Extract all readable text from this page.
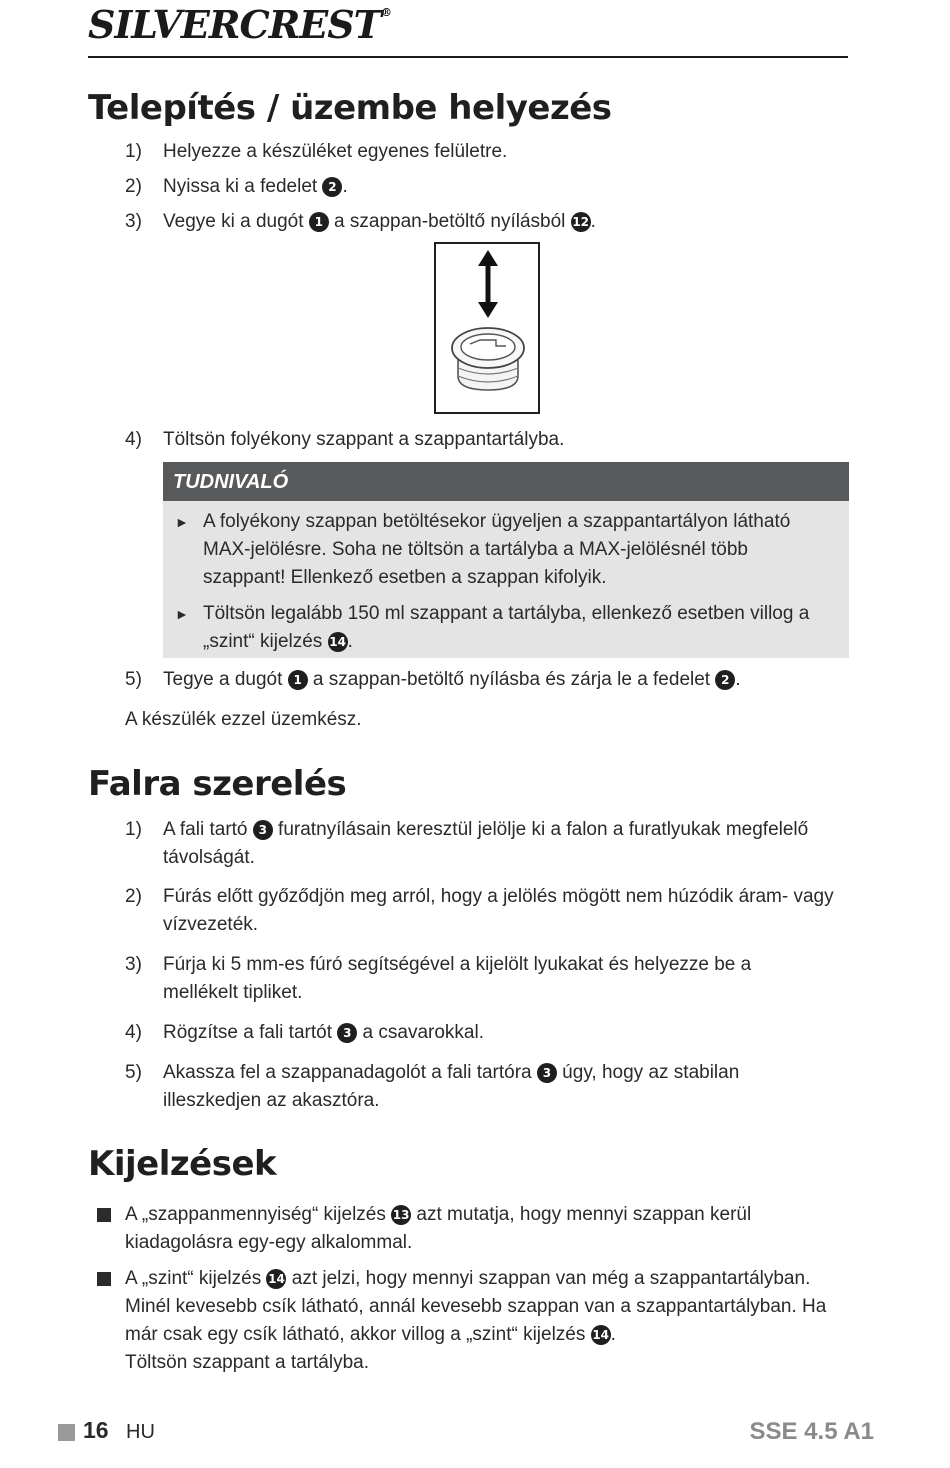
SILVERCREST®
Telepítés / üzembe helyezés
1) Helyezze a készüléket egyenes felületre.
2) Nyissa ki a fedelet 2 .
3) Vegye ki a dugót 1 a szappan-betöltő nyílásból 12.
4) Töltsön folyékony szappant a szappantartályba.
TUDNIVALÓ
► A folyékony szappan betöltésekor ügyeljen a szappantartályon látható MAX-jelölésre. Soha ne töltsön a tartályba a MAX-jelölésnél több szappant! Ellenkező esetben a szappan kifolyik.
► Töltsön legalább 150 ml szappant a tartályba, ellenkező esetben villog a „szint“ kijelzés 14.
5) Tegye a dugót 1 a szappan-betöltő nyílásba és zárja le a fedelet 2 .
A készülék ezzel üzemkész.
Falra szerelés
1) A fali tartó 3 furatnyílásain keresztül jelölje ki a falon a furatlyukak megfelelő távolságát.
2) Fúrás előtt győződjön meg arról, hogy a jelölés mögött nem húzódik áram- vagy vízvezeték.
3) Fúrja ki 5 mm-es fúró segítségével a kijelölt lyukakat és helyezze be a mellékelt tipliket.
4) Rögzítse a fali tartót 3 a csavarokkal.
5) Akassza fel a szappanadagolót a fali tartóra 3 úgy, hogy az stabilan illeszkedjen az akasztóra.
Kijelzések
A „szappanmennyiség“ kijelzés 13 azt mutatja, hogy mennyi szappan kerül kiadagolásra egy-egy alkalommal.
A „szint“ kijelzés 14 azt jelzi, hogy mennyi szappan van még a szappantartályban. Minél kevesebb csík látható, annál kevesebb szappan van a szappantartályban. Ha már csak egy csík látható, akkor villog a „szint“ kijelzés 14.
Töltsön szappant a tartályba.
16 HU	SSE 4.5 A1
